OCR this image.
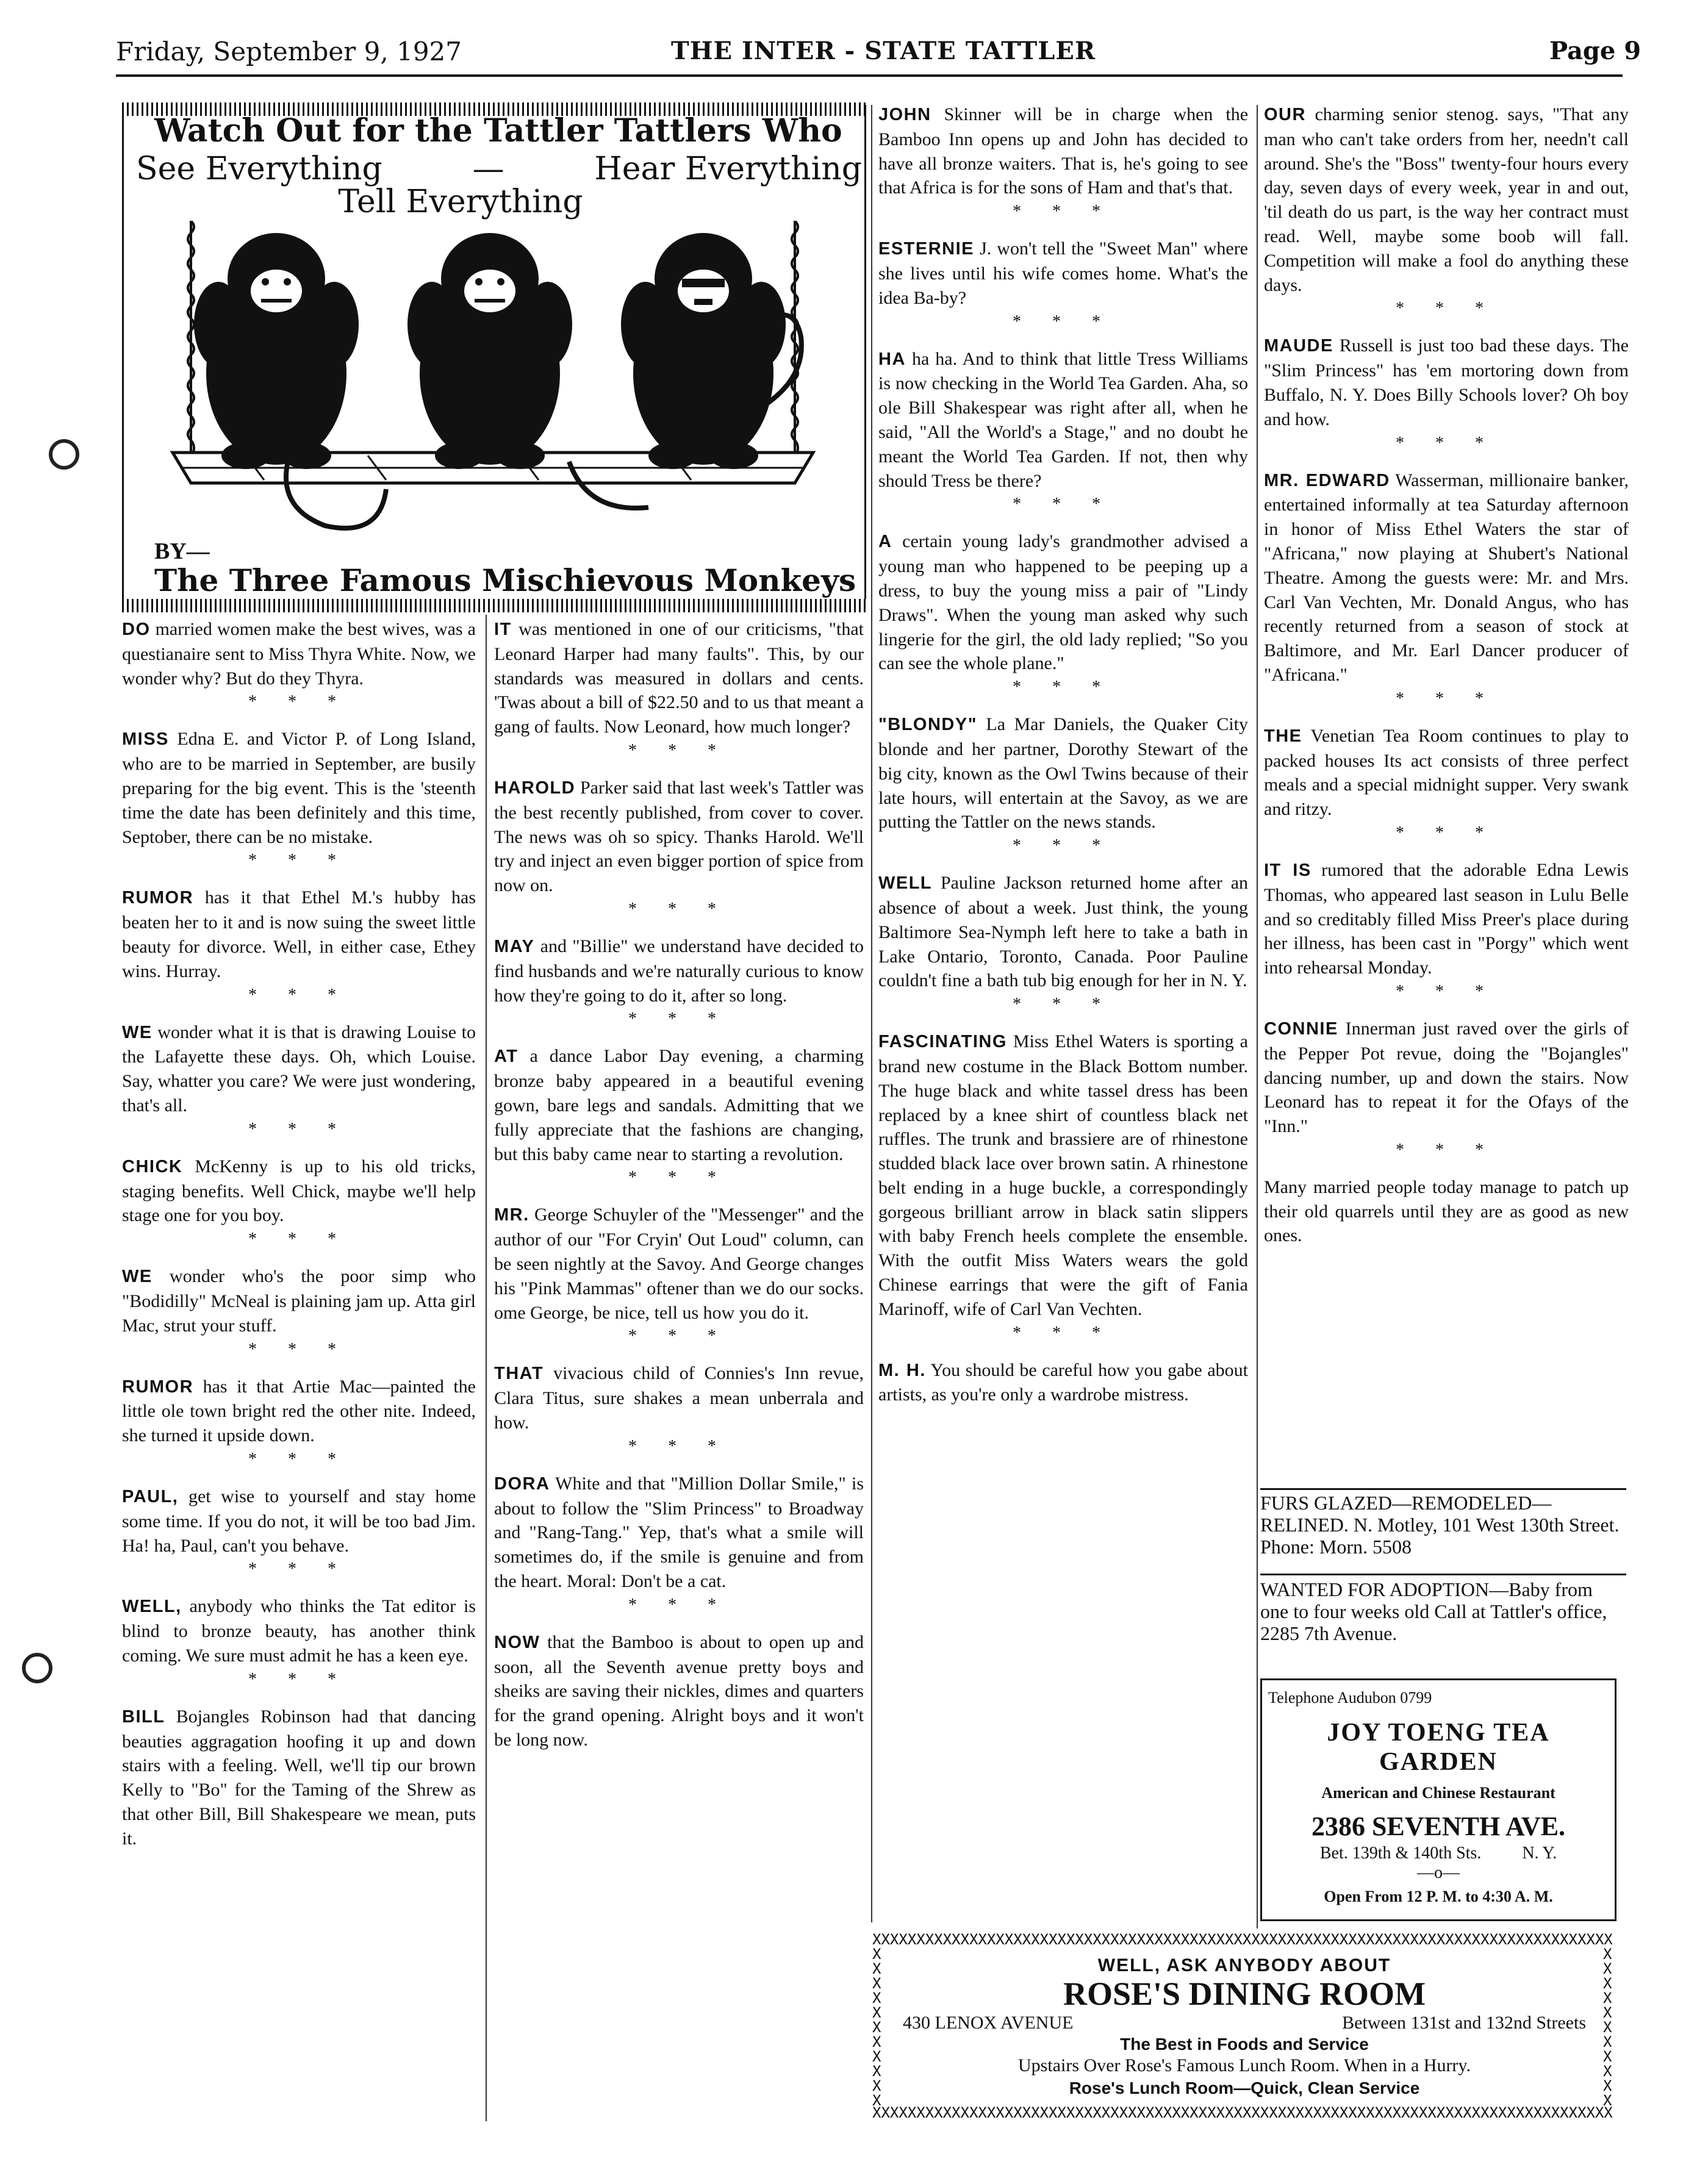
Friday, September 9, 1927	THE INTER - STATE TATTLER	Page 9
Watch Out for the Tattler Tattlers Who
See Everything	—	Hear Everything
Tell Everything
BY—
The Three Famous Mischievous Monkeys

DO married women make the best wives, was a questianaire sent to Miss Thyra White. Now, we wonder why? But do they Thyra.

* * *

MISS Edna E. and Victor P. of Long Island, who are to be married in September, are busily preparing for the big event. This is the 'steenth time the date has been definitely and this time, Septober, there can be no mistake.

* * *

RUMOR has it that Ethel M.'s hubby has beaten her to it and is now suing the sweet little beauty for divorce. Well, in either case, Ethey wins. Hurray.

* * *

WE wonder what it is that is drawing Louise to the Lafayette these days. Oh, which Louise. Say, whatter you care? We were just wondering, that's all.

* * *

CHICK McKenny is up to his old tricks, staging benefits. Well Chick, maybe we'll help stage one for you boy.

* * *

WE wonder who's the poor simp who "Bodidilly" McNeal is plaining jam up. Atta girl Mac, strut your stuff.

* * *

RUMOR has it that Artie Mac—painted the little ole town bright red the other nite. Indeed, she turned it upside down.

* * *

PAUL, get wise to yourself and stay home some time. If you do not, it will be too bad Jim. Ha! ha, Paul, can't you behave.

* * *

WELL, anybody who thinks the Tat editor is blind to bronze beauty, has another think coming. We sure must admit he has a keen eye.

* * *

BILL Bojangles Robinson had that dancing beauties aggragation hoofing it up and down stairs with a feeling. Well, we'll tip our brown Kelly to "Bo" for the Taming of the Shrew as that other Bill, Bill Shakespeare we mean, puts it.

IT was mentioned in one of our criticisms, "that Leonard Harper had many faults". This, by our standards was measured in dollars and cents. 'Twas about a bill of $22.50 and to us that meant a gang of faults. Now Leonard, how much longer?

* * *

HAROLD Parker said that last week's Tattler was the best recently published, from cover to cover. The news was oh so spicy. Thanks Harold. We'll try and inject an even bigger portion of spice from now on.

* * *

MAY and "Billie" we understand have decided to find husbands and we're naturally curious to know how they're going to do it, after so long.

* * *

AT a dance Labor Day evening, a charming bronze baby appeared in a beautiful evening gown, bare legs and sandals. Admitting that we fully appreciate that the fashions are changing, but this baby came near to starting a revolution.

* * *

MR. George Schuyler of the "Messenger" and the author of our "For Cryin' Out Loud" column, can be seen nightly at the Savoy. And George changes his "Pink Mammas" oftener than we do our socks. ome George, be nice, tell us how you do it.

* * *

THAT vivacious child of Connies's Inn revue, Clara Titus, sure shakes a mean unberrala and how.

* * *

DORA White and that "Million Dollar Smile," is about to follow the "Slim Princess" to Broadway and "Rang-Tang." Yep, that's what a smile will sometimes do, if the smile is genuine and from the heart. Moral: Don't be a cat.

* * *

NOW that the Bamboo is about to open up and soon, all the Seventh avenue pretty boys and sheiks are saving their nickles, dimes and quarters for the grand opening. Alright boys and it won't be long now.

JOHN Skinner will be in charge when the Bamboo Inn opens up and John has decided to have all bronze waiters. That is, he's going to see that Africa is for the sons of Ham and that's that.

* * *

ESTERNIE J. won't tell the "Sweet Man" where she lives until his wife comes home. What's the idea Ba-by?

* * *

HA ha ha. And to think that little Tress Williams is now checking in the World Tea Garden. Aha, so ole Bill Shakespear was right after all, when he said, "All the World's a Stage," and no doubt he meant the World Tea Garden. If not, then why should Tress be there?

* * *

A certain young lady's grandmother advised a young man who happened to be peeping up a dress, to buy the young miss a pair of "Lindy Draws". When the young man asked why such lingerie for the girl, the old lady replied; "So you can see the whole plane."

* * *

"BLONDY" La Mar Daniels, the Quaker City blonde and her partner, Dorothy Stewart of the big city, known as the Owl Twins because of their late hours, will entertain at the Savoy, as we are putting the Tattler on the news stands.

* * *

WELL Pauline Jackson returned home after an absence of about a week. Just think, the young Baltimore Sea-Nymph left here to take a bath in Lake Ontario, Toronto, Canada. Poor Pauline couldn't fine a bath tub big enough for her in N. Y.

* * *

FASCINATING Miss Ethel Waters is sporting a brand new costume in the Black Bottom number. The huge black and white tassel dress has been replaced by a knee shirt of countless black net ruffles. The trunk and brassiere are of rhinestone studded black lace over brown satin. A rhinestone belt ending in a huge buckle, a correspondingly gorgeous brilliant arrow in black satin slippers with baby French heels complete the ensemble. With the outfit Miss Waters wears the gold Chinese earrings that were the gift of Fania Marinoff, wife of Carl Van Vechten.

* * *

M. H. You should be careful how you gabe about artists, as you're only a wardrobe mistress.

OUR charming senior stenog. says, "That any man who can't take orders from her, needn't call around. She's the "Boss" twenty-four hours every day, seven days of every week, year in and out, 'til death do us part, is the way her contract must read. Well, maybe some boob will fall. Competition will make a fool do anything these days.

* * *

MAUDE Russell is just too bad these days. The "Slim Princess" has 'em mortoring down from Buffalo, N. Y. Does Billy Schools lover? Oh boy and how.

* * *

MR. EDWARD Wasserman, millionaire banker, entertained informally at tea Saturday afternoon in honor of Miss Ethel Waters the star of "Africana," now playing at Shubert's National Theatre. Among the guests were: Mr. and Mrs. Carl Van Vechten, Mr. Donald Angus, who has recently returned from a season of stock at Baltimore, and Mr. Earl Dancer producer of "Africana."

* * *

THE Venetian Tea Room continues to play to packed houses Its act consists of three perfect meals and a special midnight supper. Very swank and ritzy.

* * *

IT IS rumored that the adorable Edna Lewis Thomas, who appeared last season in Lulu Belle and so creditably filled Miss Preer's place during her illness, has been cast in "Porgy" which went into rehearsal Monday.

* * *

CONNIE Innerman just raved over the girls of the Pepper Pot revue, doing the "Bojangles" dancing number, up and down the stairs. Now Leonard has to repeat it for the Ofays of the "Inn."

* * *

Many married people today manage to patch up their old quarrels until they are as good as new ones.

FURS GLAZED—REMODELED—RELINED. N. Motley, 101 West 130th Street. Phone: Morn. 5508
WANTED FOR ADOPTION—Baby from one to four weeks old Call at Tattler's office, 2285 7th Avenue.
Telephone Audubon 0799
JOY TOENG TEA
GARDEN
American and Chinese Restaurant
2386 SEVENTH AVE.
Bet. 139th & 140th Sts. N. Y.
—o—
Open From 12 P. M. to 4:30 A. M.
XXXXXXXXXXXXXXXXXXXXXXXXXXXXXXXXXXXXXXXXXXXXXXXXXXXXXXXXXXXXXXXXXXXXXXXXXXXXXXXXXXXX
XXXXXXXXXXXXXXXXXXXXXXXXXXXXXXXXXXXXXXXXXXXXXXXXXXXXXXXXXXXXXXXXXXXXXXXXXXXXXXXXXXXX
XXXXXXXXXXX
XXXXXXXXXXX
WELL, ASK ANYBODY ABOUT
ROSE'S DINING ROOM
430 LENOX AVENUE	Between 131st and 132nd Streets
The Best in Foods and Service
Upstairs Over Rose's Famous Lunch Room. When in a Hurry.
Rose's Lunch Room—Quick, Clean Service
